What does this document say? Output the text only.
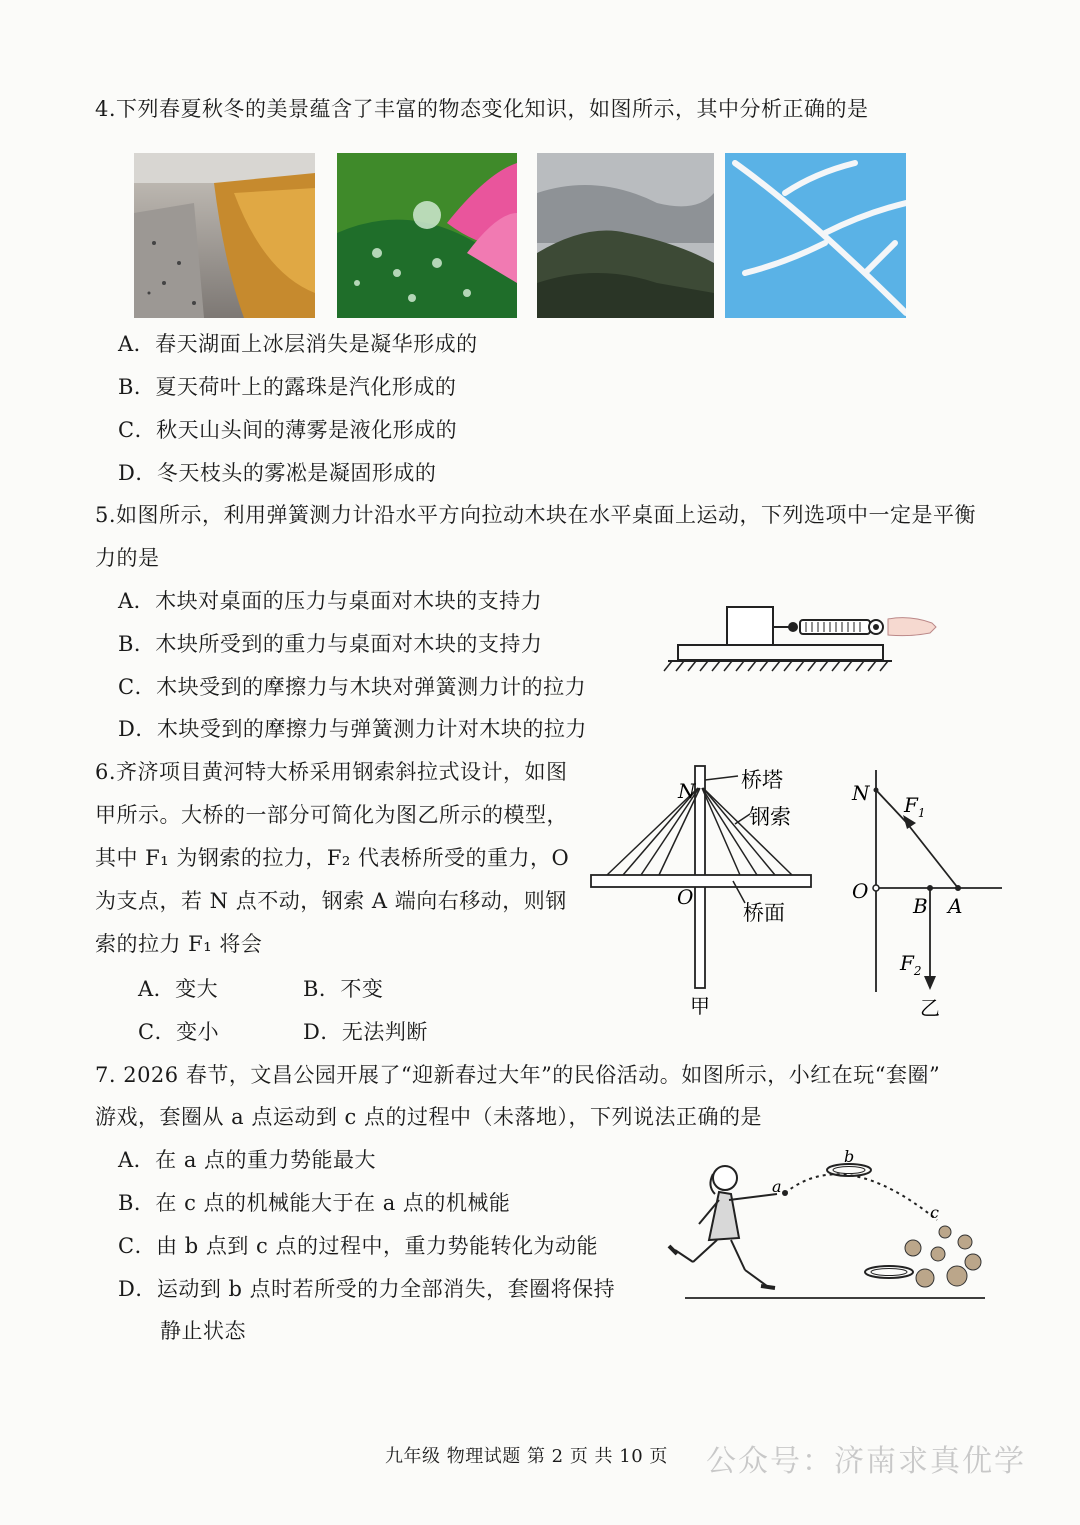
4.下列春夏秋冬的美景蕴含了丰富的物态变化知识，如图所示，其中分析正确的是
A．春天湖面上冰层消失是凝华形成的
B．夏天荷叶上的露珠是汽化形成的
C．秋天山头间的薄雾是液化形成的
D．冬天枝头的雾凇是凝固形成的
5.如图所示，利用弹簧测力计沿水平方向拉动木块在水平桌面上运动，下列选项中一定是平衡
力的是
A．木块对桌面的压力与桌面对木块的支持力
B．木块所受到的重力与桌面对木块的支持力
C．木块受到的摩擦力与木块对弹簧测力计的拉力
D．木块受到的摩擦力与弹簧测力计对木块的拉力
6.齐济项目黄河特大桥采用钢索斜拉式设计，如图
甲所示。大桥的一部分可简化为图乙所示的模型，
其中 F₁ 为钢索的拉力，F₂ 代表桥所受的重力，O
为支点，若 N 点不动，钢索 A 端向右移动，则钢
索的拉力 F₁ 将会
A．变大	B．不变
C．变小	D．无法判断
N
O
桥塔
钢索
桥面
甲
N
O
B A
$F_1$
$F_2$
乙
7. 2026 春节，文昌公园开展了“迎新春过大年”的民俗活动。如图所示，小红在玩“套圈”
游戏，套圈从 a 点运动到 c 点的过程中（未落地），下列说法正确的是
A．在 a 点的重力势能最大
B．在 c 点的机械能大于在 a 点的机械能
C．由 b 点到 c 点的过程中，重力势能转化为动能
D．运动到 b 点时若所受的力全部消失，套圈将保持
静止状态
a
b
c
九年级 物理试题 第 2 页 共 10 页 公众号：济南求真优学
